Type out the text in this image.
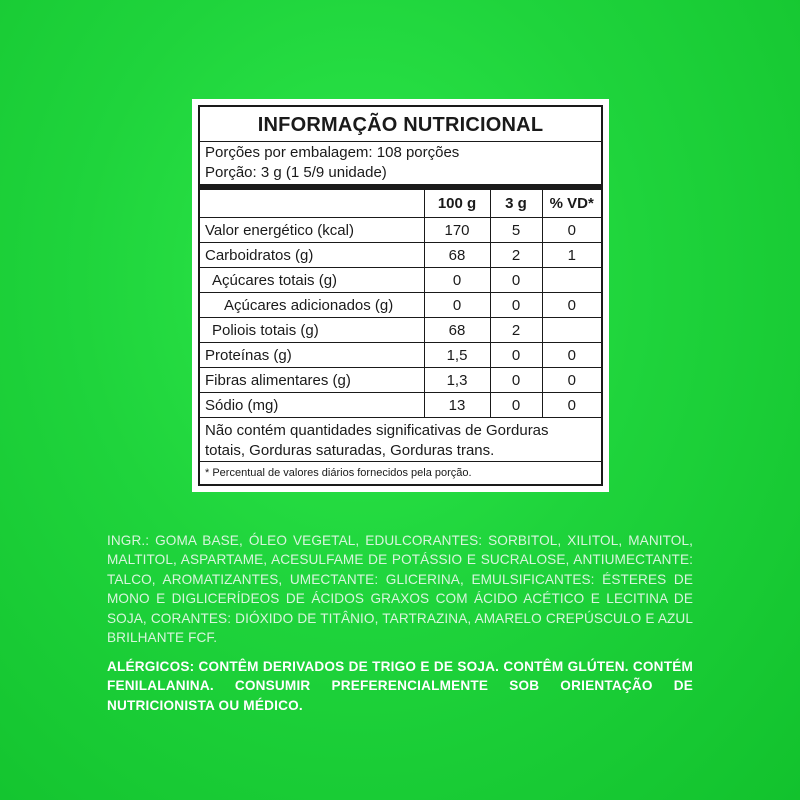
INFORMAÇÃO NUTRICIONAL
Porções por embalagem: 108 porções
Porção: 3 g (1 5/9 unidade)
	100 g	3 g	% VD*
Valor energético (kcal)	170	5	0
Carboidratos (g)	68	2	1
Açúcares totais (g)	0	0	
Açúcares adicionados (g)	0	0	0
Poliois totais (g)	68	2	
Proteínas (g)	1,5	0	0
Fibras alimentares (g)	1,3	0	0
Sódio (mg)	13	0	0
Não contém quantidades significativas de Gorduras
totais, Gorduras saturadas, Gorduras trans.
* Percentual de valores diários fornecidos pela porção.
INGR.: GOMA BASE, ÓLEO VEGETAL, EDULCORANTES: SORBITOL, XILITOL, MANITOL, MALTITOL, ASPARTAME, ACESULFAME DE POTÁSSIO E SUCRALOSE, ANTIUMECTANTE: TALCO, AROMATIZANTES, UMECTANTE: GLICERINA, EMULSIFICANTES: ÉSTERES DE MONO E DIGLICERÍDEOS DE ÁCIDOS GRAXOS COM ÁCIDO ACÉTICO E LECITINA DE SOJA, CORANTES: DIÓXIDO DE TITÂNIO, TARTRAZINA, AMARELO CREPÚSCULO E AZUL BRILHANTE FCF.
ALÉRGICOS: CONTÊM DERIVADOS DE TRIGO E DE SOJA. CONTÊM GLÚTEN. CONTÉM FENILALANINA. CONSUMIR PREFERENCIALMENTE SOB ORIENTAÇÃO DE NUTRICIONISTA OU MÉDICO.
